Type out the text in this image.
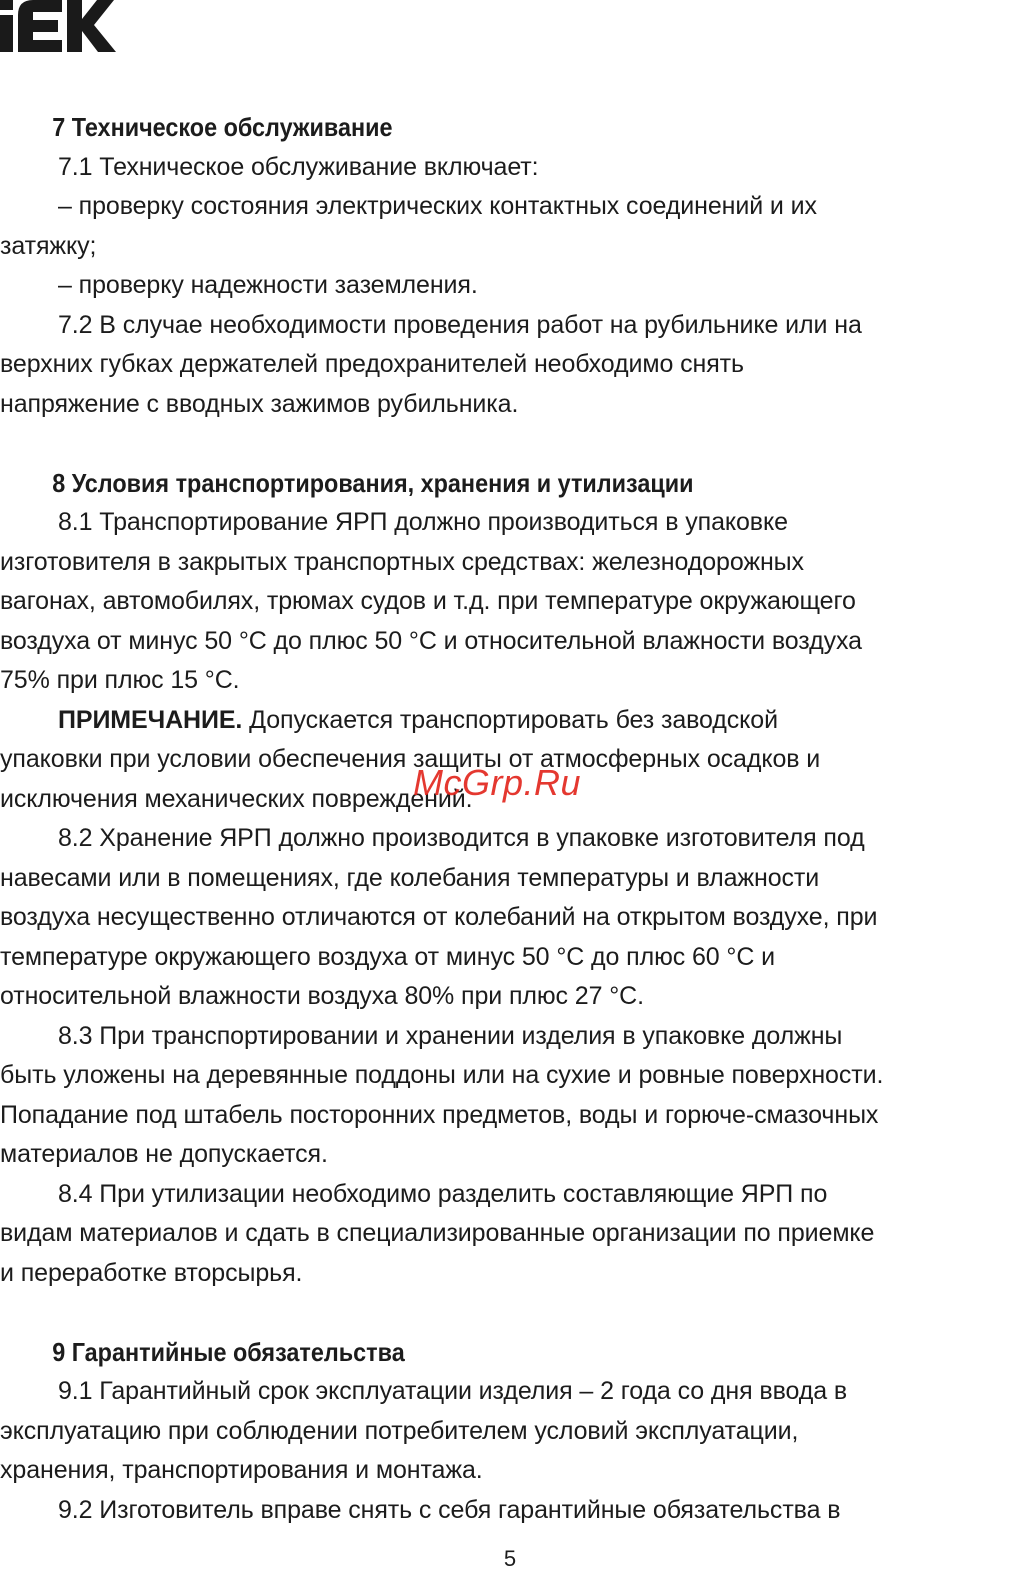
7 Техническое обслуживание
7.1 Техническое обслуживание включает:
– проверку состояния электрических контактных соединений и их
затяжку;
– проверку надежности заземления.
7.2 В случае необходимости проведения работ на рубильнике или на
верхних губках держателей предохранителей необходимо снять
напряжение с вводных зажимов рубильника.
8 Условия транспортирования, хранения и утилизации
8.1 Транспортирование ЯРП должно производиться в упаковке
изготовителя в закрытых транспортных средствах: железнодорожных
вагонах, автомобилях, трюмах судов и т.д. при температуре окружающего
воздуха от минус 50 °С до плюс 50 °С и относительной влажности воздуха
75% при плюс 15 °С.
ПРИМЕЧАНИЕ. Допускается транспортировать без заводской
упаковки при условии обеспечения защиты от атмосферных осадков и
исключения механических повреждений.
8.2 Хранение ЯРП должно производится в упаковке изготовителя под
навесами или в помещениях, где колебания температуры и влажности
воздуха несущественно отличаются от колебаний на открытом воздухе, при
температуре окружающего воздуха от минус 50 °С до плюс 60 °С и
относительной влажности воздуха 80% при плюс 27 °С.
8.3 При транспортировании и хранении изделия в упаковке должны
быть уложены на деревянные поддоны или на сухие и ровные поверхности.
Попадание под штабель посторонних предметов, воды и горюче-смазочных
материалов не допускается.
8.4 При утилизации необходимо разделить составляющие ЯРП по
видам материалов и сдать в специализированные организации по приемке
и переработке вторсырья.
9 Гарантийные обязательства
9.1 Гарантийный срок эксплуатации изделия – 2 года со дня ввода в
эксплуатацию при соблюдении потребителем условий эксплуатации,
хранения, транспортирования и монтажа.
9.2 Изготовитель вправе снять с себя гарантийные обязательства в
McGrp.Ru
5
